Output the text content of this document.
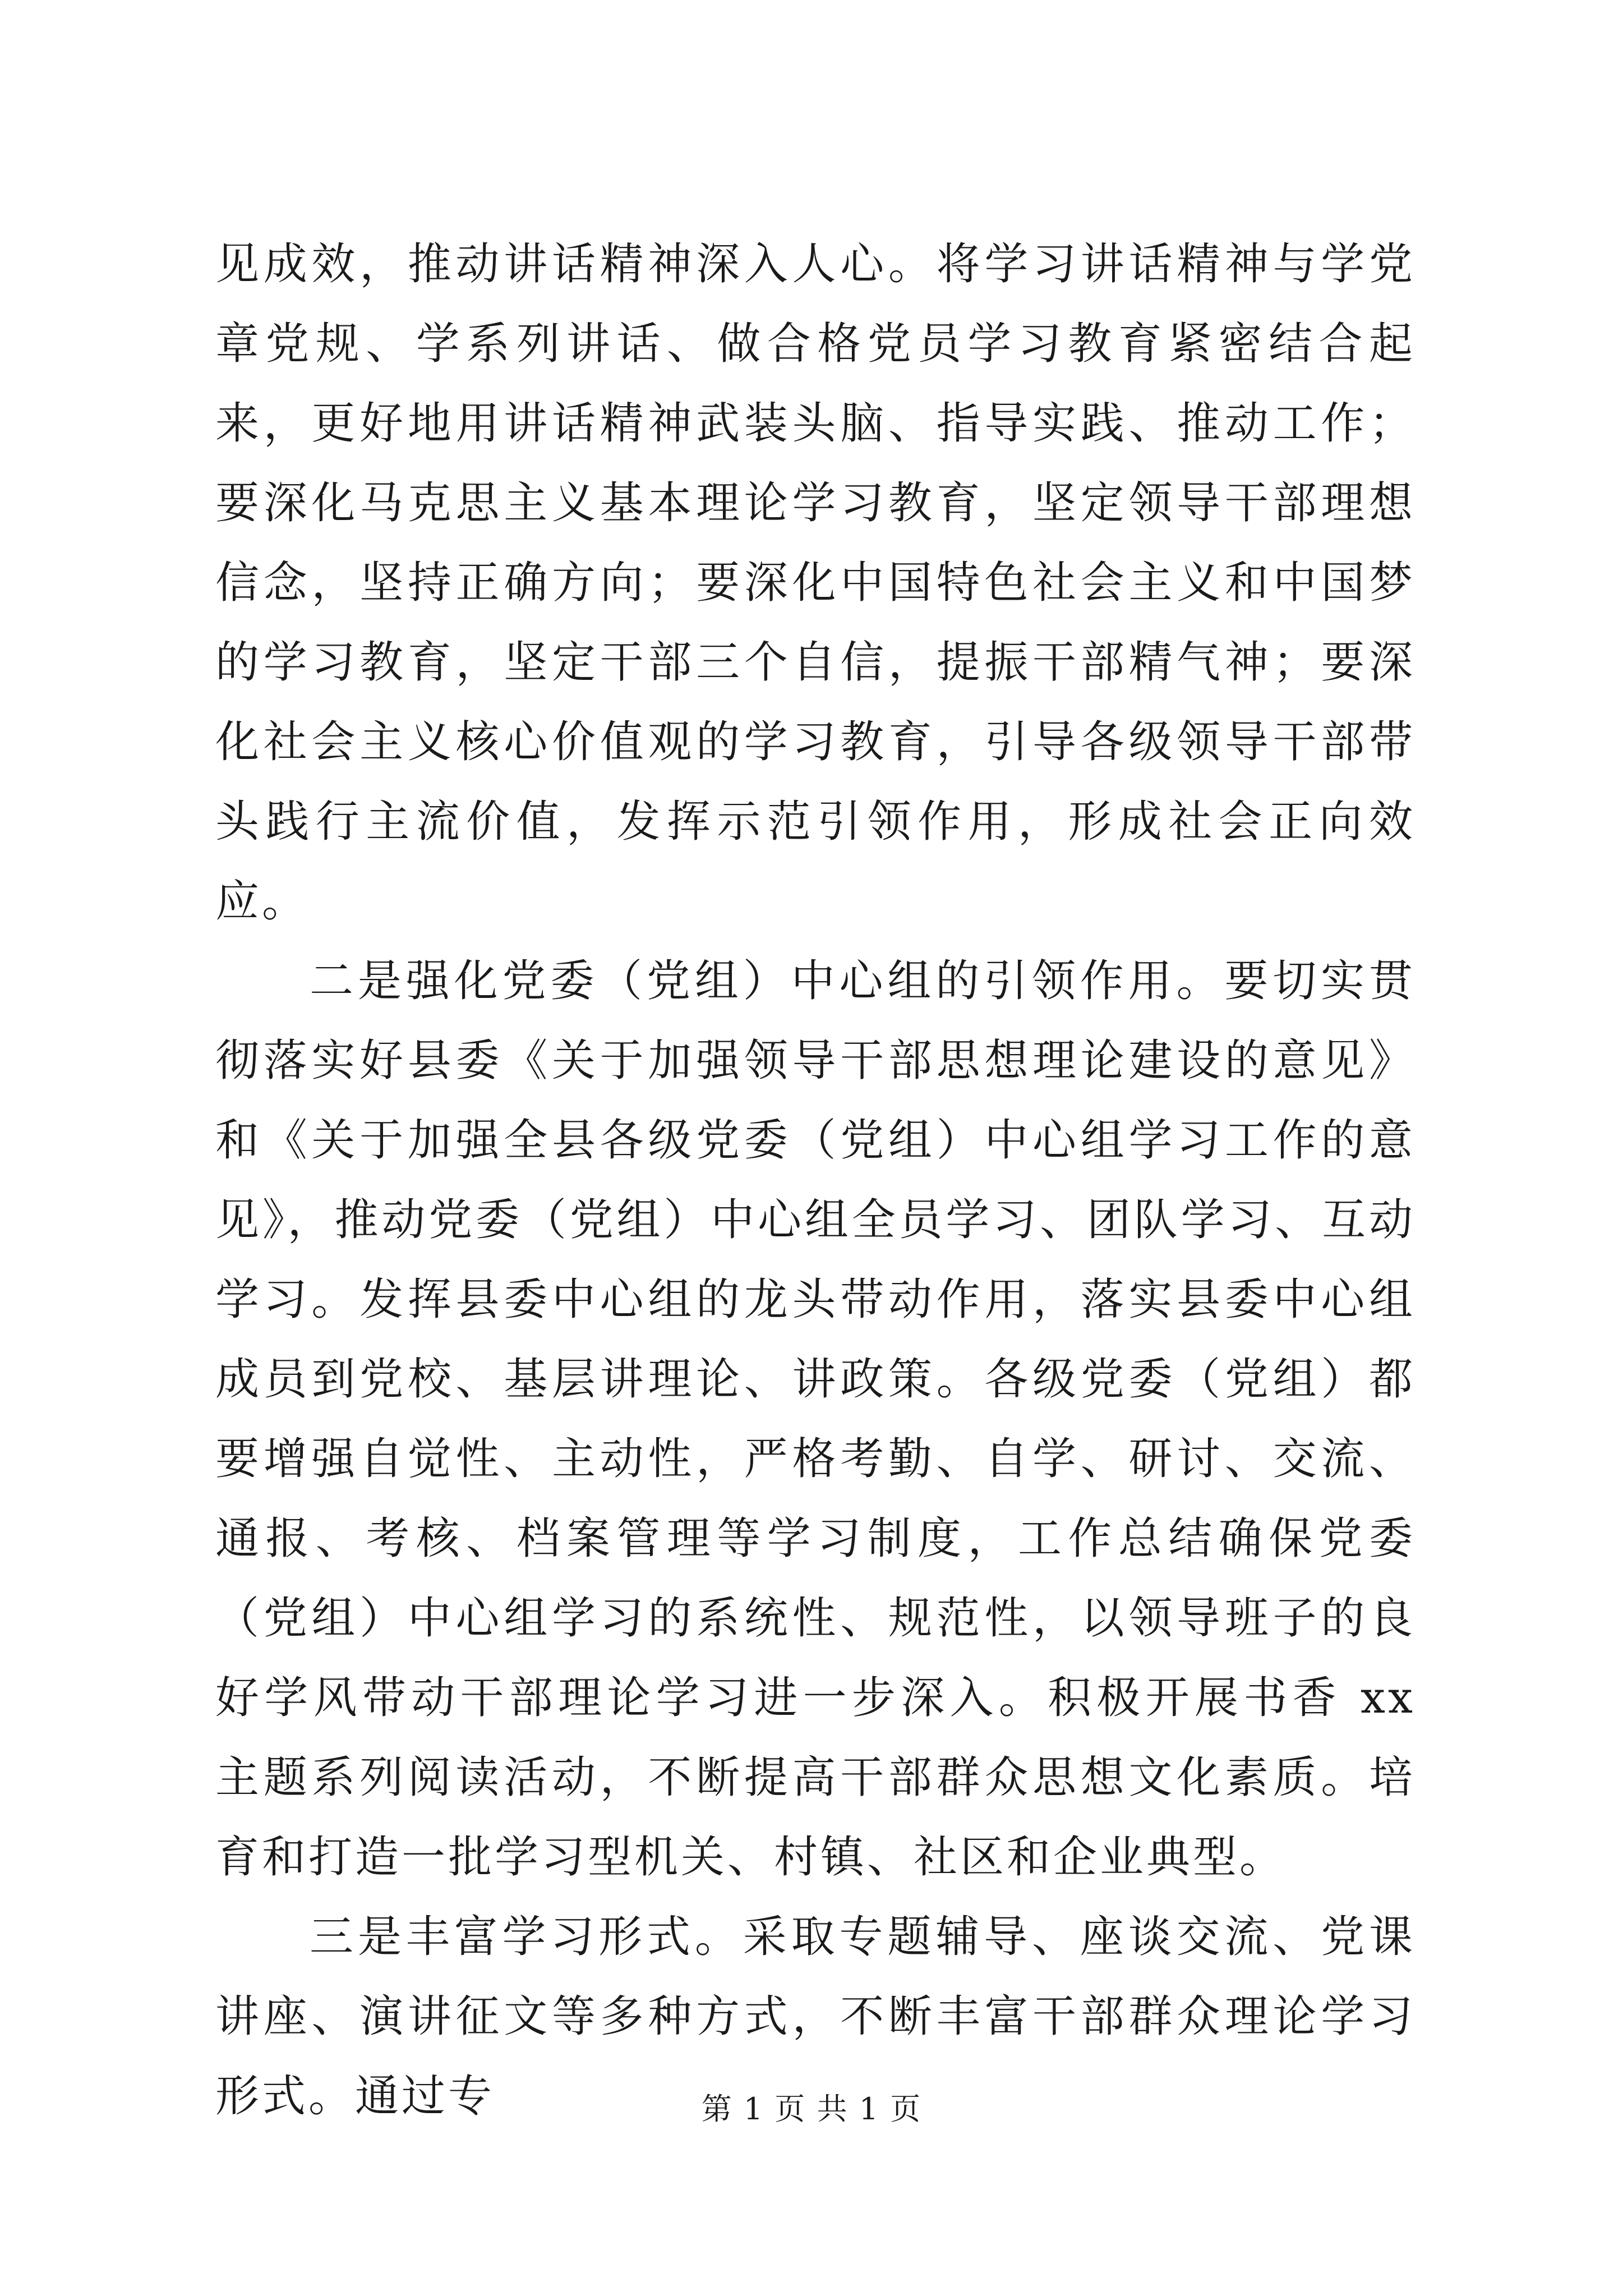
见成效，推动讲话精神深入人心。将学习讲话精神与学党章党规、学系列讲话、做合格党员学习教育紧密结合起来，更好地用讲话精神武装头脑、指导实践、推动工作；要深化马克思主义基本理论学习教育，坚定领导干部理想信念，坚持正确方向；要深化中国特色社会主义和中国梦的学习教育，坚定干部三个自信，提振干部精气神；要深化社会主义核心价值观的学习教育，引导各级领导干部带头践行主流价值，发挥示范引领作用，形成社会正向效应。

二是强化党委（党组）中心组的引领作用。要切实贯彻落实好县委《关于加强领导干部思想理论建设的意见》和《关于加强全县各级党委（党组）中心组学习工作的意见》，推动党委（党组）中心组全员学习、团队学习、互动学习。发挥县委中心组的龙头带动作用，落实县委中心组成员到党校、基层讲理论、讲政策。各级党委（党组）都要增强自觉性、主动性，严格考勤、自学、研讨、交流、通报、考核、档案管理等学习制度，工作总结确保党委（党组）中心组学习的系统性、规范性，以领导班子的良好学风带动干部理论学习进一步深入。积极开展书香 xx 主题系列阅读活动，不断提高干部群众思想文化素质。培育和打造一批学习型机关、村镇、社区和企业典型。

三是丰富学习形式。采取专题辅导、座谈交流、党课讲座、演讲征文等多种方式，不断丰富干部群众理论学习形式。通过专	第 1 页 共 1 页
